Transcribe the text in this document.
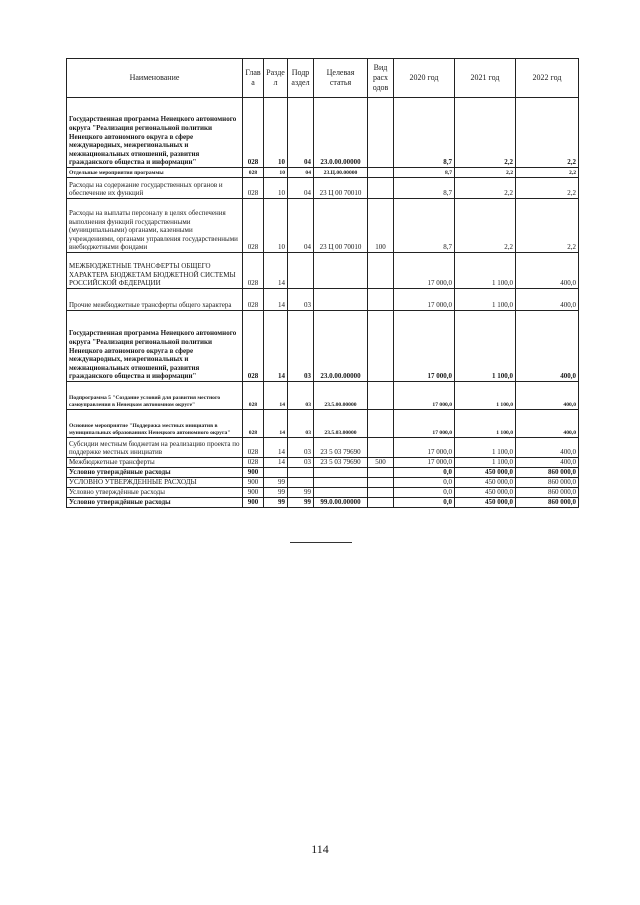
Наименование	Глав а	Разде л	Подр аздел	Целевая статья	Вид расх одов	2020 год	2021 год	2022 год
Государственная программа Ненецкого автономного округа "Реализация региональной политики Ненецкого автономного округа в сфере международных, межрегиональных и межнациональных отношений, развития гражданского общества и информации"	028	10	04	23.0.00.00000		8,7	2,2	2,2
Отдельные мероприятия программы	028	10	04	23.Ц.00.00000		8,7	2,2	2,2
Расходы на содержание государственных органов и обеспечение их функций	028	10	04	23 Ц 00 70010		8,7	2,2	2,2
Расходы на выплаты персоналу в целях обеспечения выполнения функций государственными (муниципальными) органами, казенными учреждениями, органами управления государственными внебюджетными фондами	028	10	04	23 Ц 00 70010	100	8,7	2,2	2,2
МЕЖБЮДЖЕТНЫЕ ТРАНСФЕРТЫ ОБЩЕГО ХАРАКТЕРА БЮДЖЕТАМ БЮДЖЕТНОЙ СИСТЕМЫ РОССИЙСКОЙ ФЕДЕРАЦИИ	028	14				17 000,0	1 100,0	400,0
Прочие межбюджетные трансферты общего характера	028	14	03			17 000,0	1 100,0	400,0
Государственная программа Ненецкого автономного округа "Реализация региональной политики Ненецкого автономного округа в сфере международных, межрегиональных и межнациональных отношений, развития гражданского общества и информации"	028	14	03	23.0.00.00000		17 000,0	1 100,0	400,0
Подпрограмма 5 "Создание условий для развития местного самоуправления в Ненецком автономном округе"	028	14	03	23.5.00.00000		17 000,0	1 100,0	400,0
Основное мероприятие "Поддержка местных инициатив в муниципальных образованиях Ненецкого автономного округа"	028	14	03	23.5.03.00000		17 000,0	1 100,0	400,0
Субсидии местным бюджетам на реализацию проекта по поддержке местных инициатив	028	14	03	23 5 03 79690		17 000,0	1 100,0	400,0
Межбюджетные трансферты	028	14	03	23 5 03 79690	500	17 000,0	1 100,0	400,0
Условно утверждённые расходы	900					0,0	450 000,0	860 000,0
УСЛОВНО УТВЕРЖДЕННЫЕ РАСХОДЫ	900	99				0,0	450 000,0	860 000,0
Условно утверждённые расходы	900	99	99			0,0	450 000,0	860 000,0
Условно утверждённые расходы	900	99	99	99.0.00.00000		0,0	450 000,0	860 000,0
114
